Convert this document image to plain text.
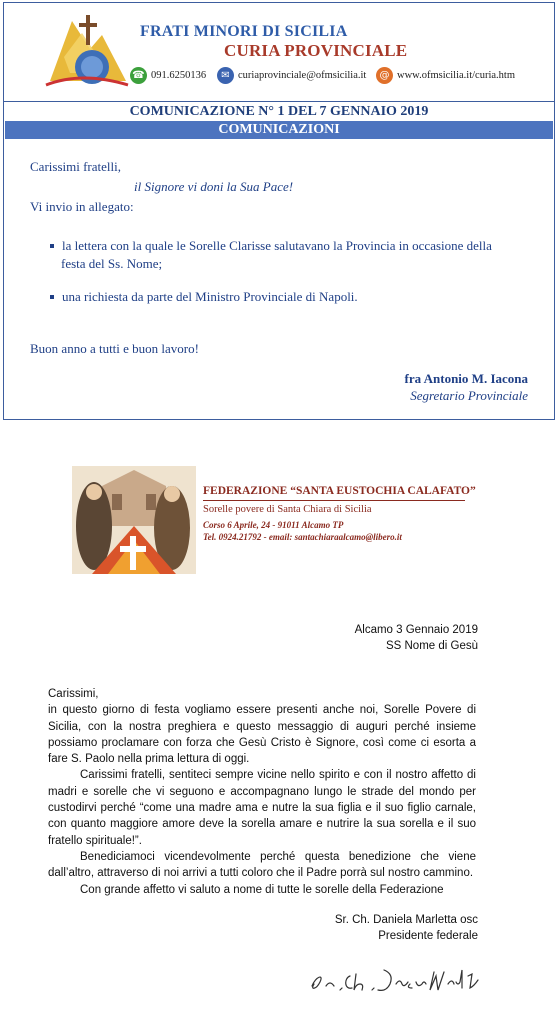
FRATI MINORI DI SICILIA
CURIA PROVINCIALE
☎ 091.6250136	✉ curiaprovinciale@ofmsicilia.it	@ www.ofmsicilia.it/curia.htm
COMUNICAZIONE N° 1 DEL 7 GENNAIO 2019
COMUNICAZIONI
Carissimi fratelli,
il Signore vi doni la Sua Pace!
Vi invio in allegato:
la lettera con la quale le Sorelle Clarisse salutavano la Provincia in occasione della
festa del Ss. Nome;
una richiesta da parte del Ministro Provinciale di Napoli.
Buon anno a tutti e buon lavoro!
fra Antonio M. Iacona
Segretario Provinciale
FEDERAZIONE “SANTA EUSTOCHIA CALAFATO”
Sorelle povere di Santa Chiara di Sicilia
Corso 6 Aprile, 24 - 91011 Alcamo TP
Tel. 0924.21792 - email: santachiaraalcamo@libero.it
Alcamo 3 Gennaio 2019
SS Nome di Gesù

Carissimi,

in questo giorno di festa vogliamo essere presenti anche noi, Sorelle Povere di Sicilia, con la nostra preghiera e questo messaggio di auguri perché insieme possiamo proclamare con forza che Gesù Cristo è Signore, così come ci esorta a fare S. Paolo nella prima lettura di oggi.

Carissimi fratelli, sentiteci sempre vicine nello spirito e con il nostro affetto di madri e sorelle che vi seguono e accompagnano lungo le strade del mondo per custodirvi perché “come una madre ama e nutre la sua figlia e il suo figlio carnale, con quanto maggiore amore deve la sorella amare e nutrire la sua sorella e il suo fratello spirituale!”.

Benediciamoci vicendevolmente perché questa benedizione che viene dall’altro, attraverso di noi arrivi a tutti coloro che il Padre porrà sul nostro cammino.

Con grande affetto vi saluto a nome di tutte le sorelle della Federazione

Sr. Ch. Daniela Marletta osc
Presidente federale
